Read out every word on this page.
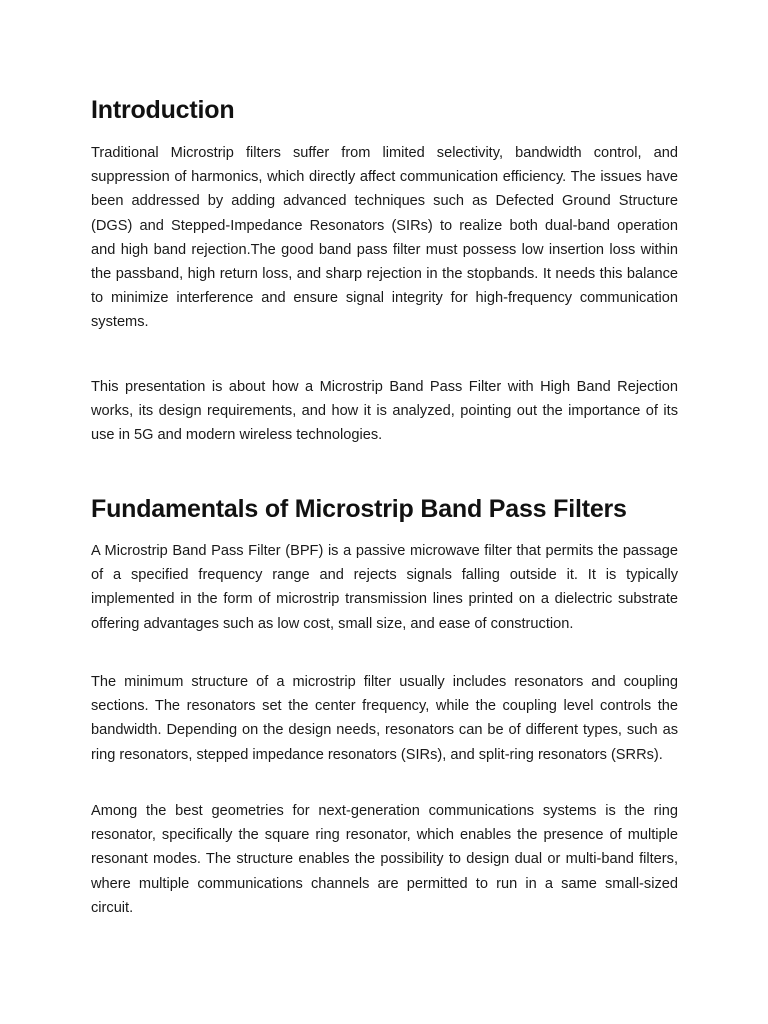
Introduction

Traditional Microstrip filters suffer from limited selectivity, bandwidth control, and suppression of harmonics, which directly affect communication efficiency. The issues have been addressed by adding advanced techniques such as Defected Ground Structure (DGS) and Stepped-Impedance Resonators (SIRs) to realize both dual-band operation and high band rejection.The good band pass filter must possess low insertion loss within the passband, high return loss, and sharp rejection in the stopbands. It needs this balance to minimize interference and ensure signal integrity for high-frequency communication systems.

This presentation is about how a Microstrip Band Pass Filter with High Band Rejection works, its design requirements, and how it is analyzed, pointing out the importance of its use in 5G and modern wireless technologies.

Fundamentals of Microstrip Band Pass Filters

A Microstrip Band Pass Filter (BPF) is a passive microwave filter that permits the passage of a specified frequency range and rejects signals falling outside it. It is typically implemented in the form of microstrip transmission lines printed on a dielectric substrate offering advantages such as low cost, small size, and ease of construction.

The minimum structure of a microstrip filter usually includes resonators and coupling sections. The resonators set the center frequency, while the coupling level controls the bandwidth. Depending on the design needs, resonators can be of different types, such as ring resonators, stepped impedance resonators (SIRs), and split-ring resonators (SRRs).

Among the best geometries for next-generation communications systems is the ring resonator, specifically the square ring resonator, which enables the presence of multiple resonant modes. The structure enables the possibility to design dual or multi-band filters, where multiple communications channels are permitted to run in a same small-sized circuit.
